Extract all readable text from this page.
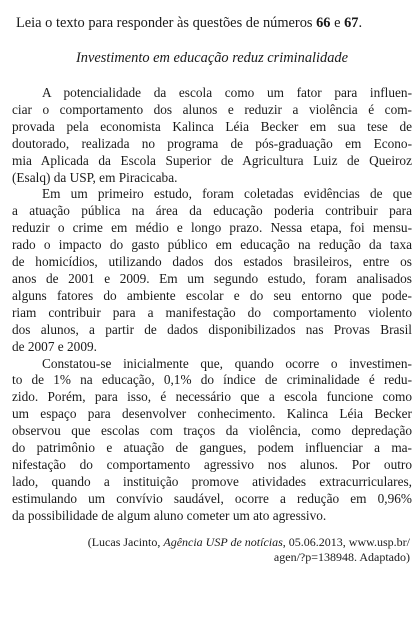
Leia o texto para responder às questões de números 66 e 67.
Investimento em educação reduz criminalidade

A potencialidade da escola como um fator para influen-
ciar o comportamento dos alunos e reduzir a violência é com-
provada pela economista Kalinca Léia Becker em sua tese de
doutorado, realizada no programa de pós-graduação em Econo-
mia Aplicada da Escola Superior de Agricultura Luiz de Queiroz
(Esalq) da USP, em Piracicaba.

Em um primeiro estudo, foram coletadas evidências de que
a atuação pública na área da educação poderia contribuir para
reduzir o crime em médio e longo prazo. Nessa etapa, foi mensu-
rado o impacto do gasto público em educação na redução da taxa
de homicídios, utilizando dados dos estados brasileiros, entre os
anos de 2001 e 2009. Em um segundo estudo, foram analisados
alguns fatores do ambiente escolar e do seu entorno que pode-
riam contribuir para a manifestação do comportamento violento
dos alunos, a partir de dados disponibilizados nas Provas Brasil
de 2007 e 2009.

Constatou-se inicialmente que, quando ocorre o investimen-
to de 1% na educação, 0,1% do índice de criminalidade é redu-
zido. Porém, para isso, é necessário que a escola funcione como
um espaço para desenvolver conhecimento. Kalinca Léia Becker
observou que escolas com traços da violência, como depredação
do patrimônio e atuação de gangues, podem influenciar a ma-
nifestação do comportamento agressivo nos alunos. Por outro
lado, quando a instituição promove atividades extracurriculares,
estimulando um convívio saudável, ocorre a redução em 0,96%
da possibilidade de algum aluno cometer um ato agressivo.

(Lucas Jacinto, Agência USP de notícias, 05.06.2013, www.usp.br/
agen/?p=138948. Adaptado)
